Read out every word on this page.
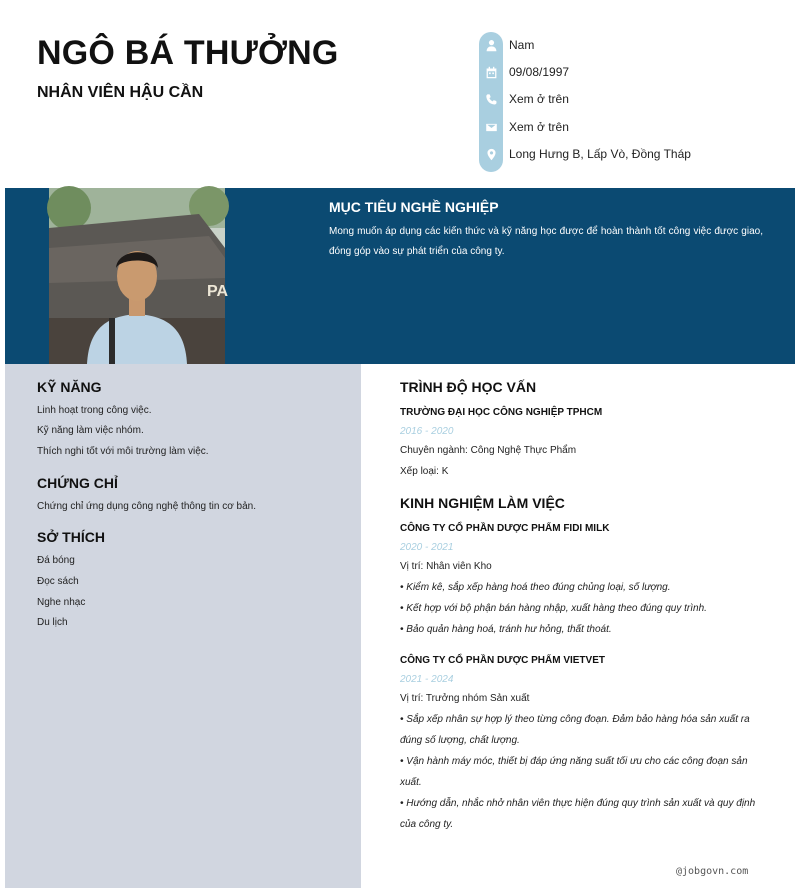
NGÔ BÁ THƯỞNG
NHÂN VIÊN HẬU CẦN
Nam
09/08/1997
Xem ở trên
Xem ở trên
Long Hưng B, Lấp Vò, Đồng Tháp
PA
MỤC TIÊU NGHỀ NGHIỆP
Mong muốn áp dụng các kiến thức và kỹ năng học được để hoàn thành tốt công việc được giao, đóng góp vào sự phát triển của công ty.
KỸ NĂNG
Linh hoạt trong công việc.
Kỹ năng làm việc nhóm.
Thích nghi tốt với môi trường làm việc.
CHỨNG CHỈ
Chứng chỉ ứng dụng công nghệ thông tin cơ bản.
SỞ THÍCH
Đá bóng
Đọc sách
Nghe nhạc
Du lịch
TRÌNH ĐỘ HỌC VẤN
TRƯỜNG ĐẠI HỌC CÔNG NGHIỆP TPHCM
2016 - 2020
Chuyên ngành: Công Nghệ Thực Phẩm
Xếp loại: K
KINH NGHIỆM LÀM VIỆC
CÔNG TY CỔ PHẦN DƯỢC PHẨM FIDI MILK
2020 - 2021
Vị trí: Nhân viên Kho
• Kiểm kê, sắp xếp hàng hoá theo đúng chủng loại, số lượng.
• Kết hợp với bộ phận bán hàng nhập, xuất hàng theo đúng quy trình.
• Bảo quản hàng hoá, tránh hư hỏng, thất thoát.
CÔNG TY CỔ PHẦN DƯỢC PHẨM VIETVET
2021 - 2024
Vị trí: Trưởng nhóm Sản xuất
• Sắp xếp nhân sự hợp lý theo từng công đoạn. Đảm bảo hàng hóa sản xuất ra đúng số lượng, chất lượng.
• Vận hành máy móc, thiết bị đáp ứng năng suất tối ưu cho các công đoạn sản xuất.
• Hướng dẫn, nhắc nhở nhân viên thực hiện đúng quy trình sản xuất và quy định của công ty.
@jobgovn.com
